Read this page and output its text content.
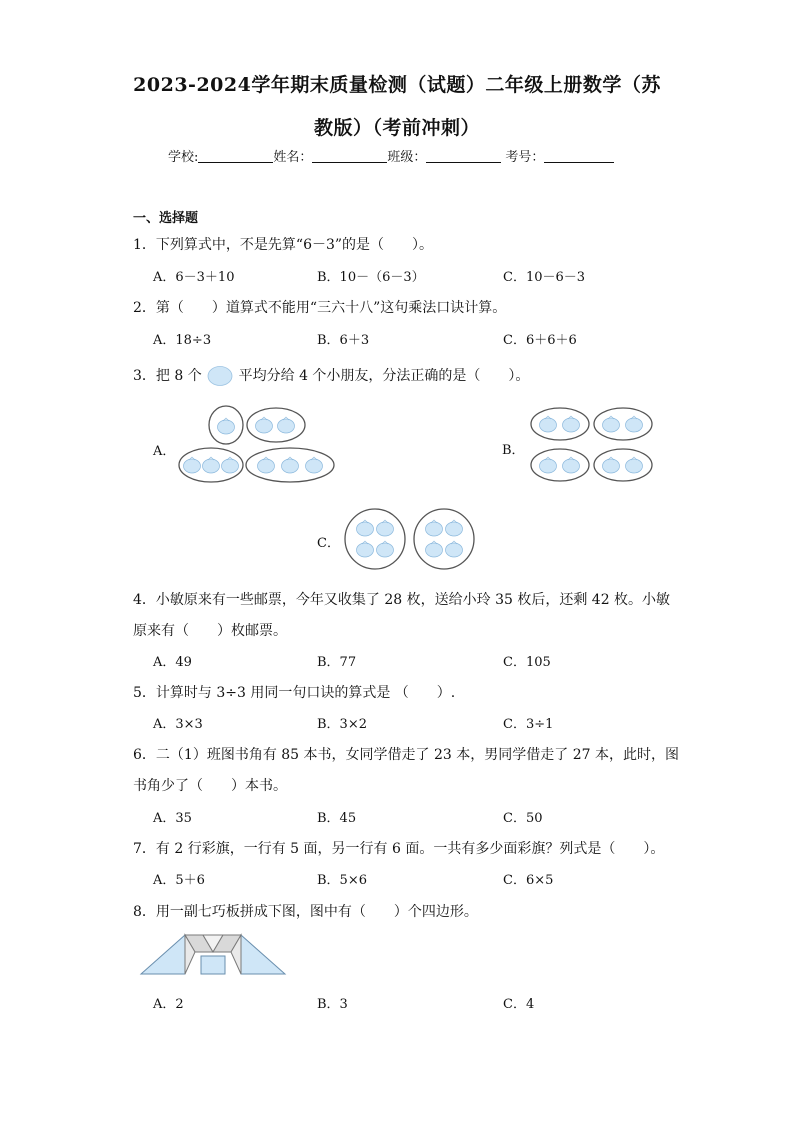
2023-2024学年期末质量检测（试题）二年级上册数学（苏
教版）（考前冲刺）
学校:	姓名：	班级：	考号：
一、选择题
1．下列算式中，不是先算“6－3”的是（　　）。
A．6－3＋10	B．10－（6－3）	C．10－6－3
2．第（　　）道算式不能用“三六十八”这句乘法口诀计算。
A．18÷3	B．6＋3	C．6＋6＋6
3．把 8 个	平均分给 4 个小朋友，分法正确的是（　　）。
A．	B．
C．
4．小敏原来有一些邮票，今年又收集了 28 枚，送给小玲 35 枚后，还剩 42 枚。小敏
原来有（　　）枚邮票。
A．49	B．77	C．105
5．计算时与 3÷3 用同一句口诀的算式是 （　　）.
A．3×3	B．3×2	C．3÷1
6．二（1）班图书角有 85 本书，女同学借走了 23 本，男同学借走了 27 本，此时，图
书角少了（　　）本书。
A．35	B．45	C．50
7．有 2 行彩旗，一行有 5 面，另一行有 6 面。一共有多少面彩旗？列式是（　　）。
A．5＋6	B．5×6	C．6×5
8．用一副七巧板拼成下图，图中有（　　）个四边形。
A．2	B．3	C．4
